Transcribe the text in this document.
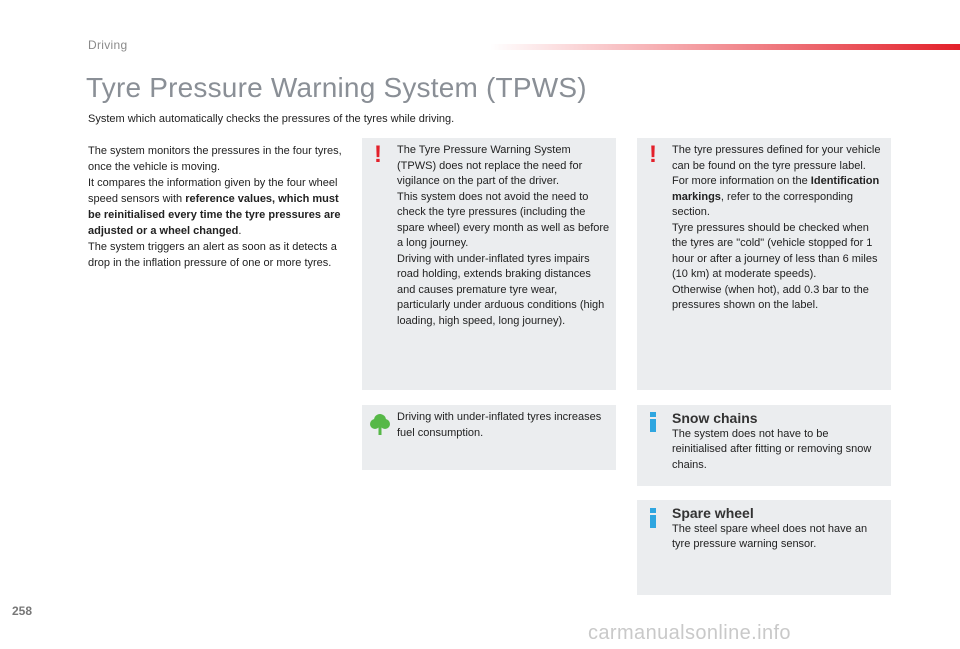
Driving
Tyre Pressure Warning System (TPWS)

System which automatically checks the pressures of the tyres while driving.

The system monitors the pressures in the four tyres, once the vehicle is moving.

It compares the information given by the four wheel speed sensors with reference values, which must be reinitialised every time the tyre pressures are adjusted or a wheel changed.

The system triggers an alert as soon as it detects a drop in the inflation pressure of one or more tyres.

! The Tyre Pressure Warning System (TPWS) does not replace the need for vigilance on the part of the driver.

This system does not avoid the need to check the tyre pressures (including the spare wheel) every month as well as before a long journey.

Driving with under-inflated tyres impairs road holding, extends braking distances and causes premature tyre wear, particularly under arduous conditions (high loading, high speed, long journey).

! The tyre pressures defined for your vehicle can be found on the tyre pressure label.

For more information on the Identification markings, refer to the corresponding section.

Tyre pressures should be checked when the tyres are "cold" (vehicle stopped for 1 hour or after a journey of less than 6 miles (10 km) at moderate speeds).

Otherwise (when hot), add 0.3 bar to the pressures shown on the label.

Driving with under-inflated tyres increases fuel consumption.

Snow chains

The system does not have to be reinitialised after fitting or removing snow chains.

Spare wheel

The steel spare wheel does not have an tyre pressure warning sensor.

258
carmanualsonline.info
